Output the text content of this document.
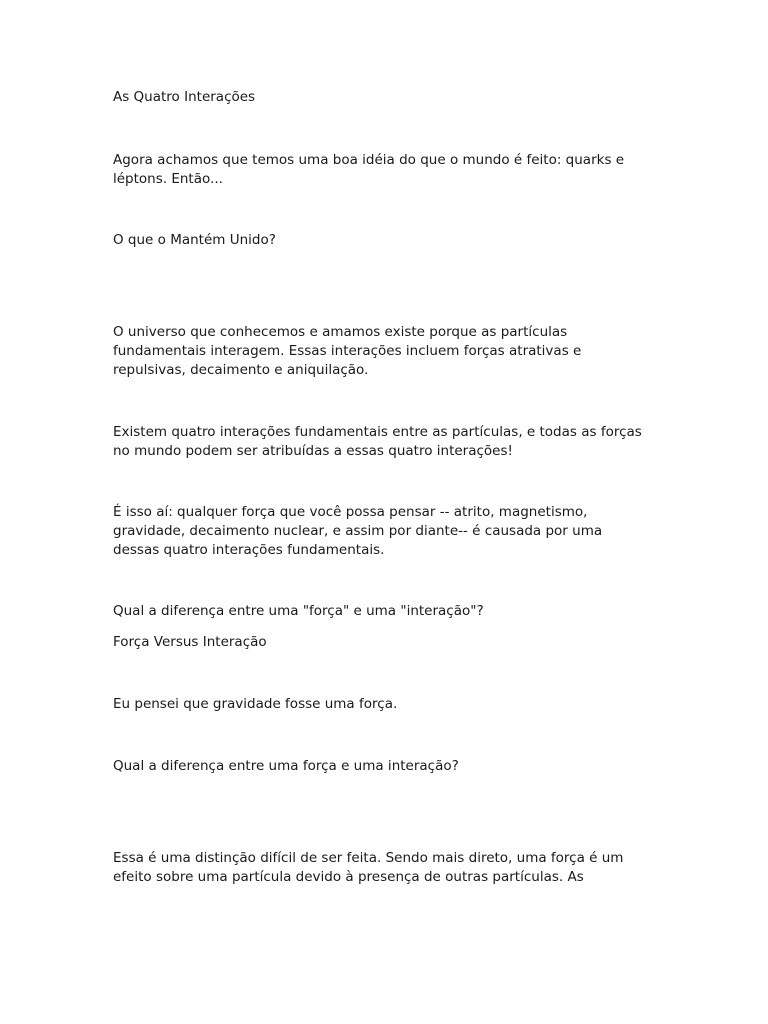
As Quatro Interações

Agora achamos que temos uma boa idéia do que o mundo é feito: quarks e
léptons. Então...

O que o Mantém Unido?

O universo que conhecemos e amamos existe porque as partículas
fundamentais interagem. Essas interações incluem forças atrativas e
repulsivas, decaimento e aniquilação.

Existem quatro interações fundamentais entre as partículas, e todas as forças
no mundo podem ser atribuídas a essas quatro interações!

É isso aí: qualquer força que você possa pensar -- atrito, magnetismo,
gravidade, decaimento nuclear, e assim por diante-- é causada por uma
dessas quatro interações fundamentais.

Qual a diferença entre uma "força" e uma "interação"?

Força Versus Interação

Eu pensei que gravidade fosse uma força.

Qual a diferença entre uma força e uma interação?

Essa é uma distinção difícil de ser feita. Sendo mais direto, uma força é um
efeito sobre uma partícula devido à presença de outras partículas. As
